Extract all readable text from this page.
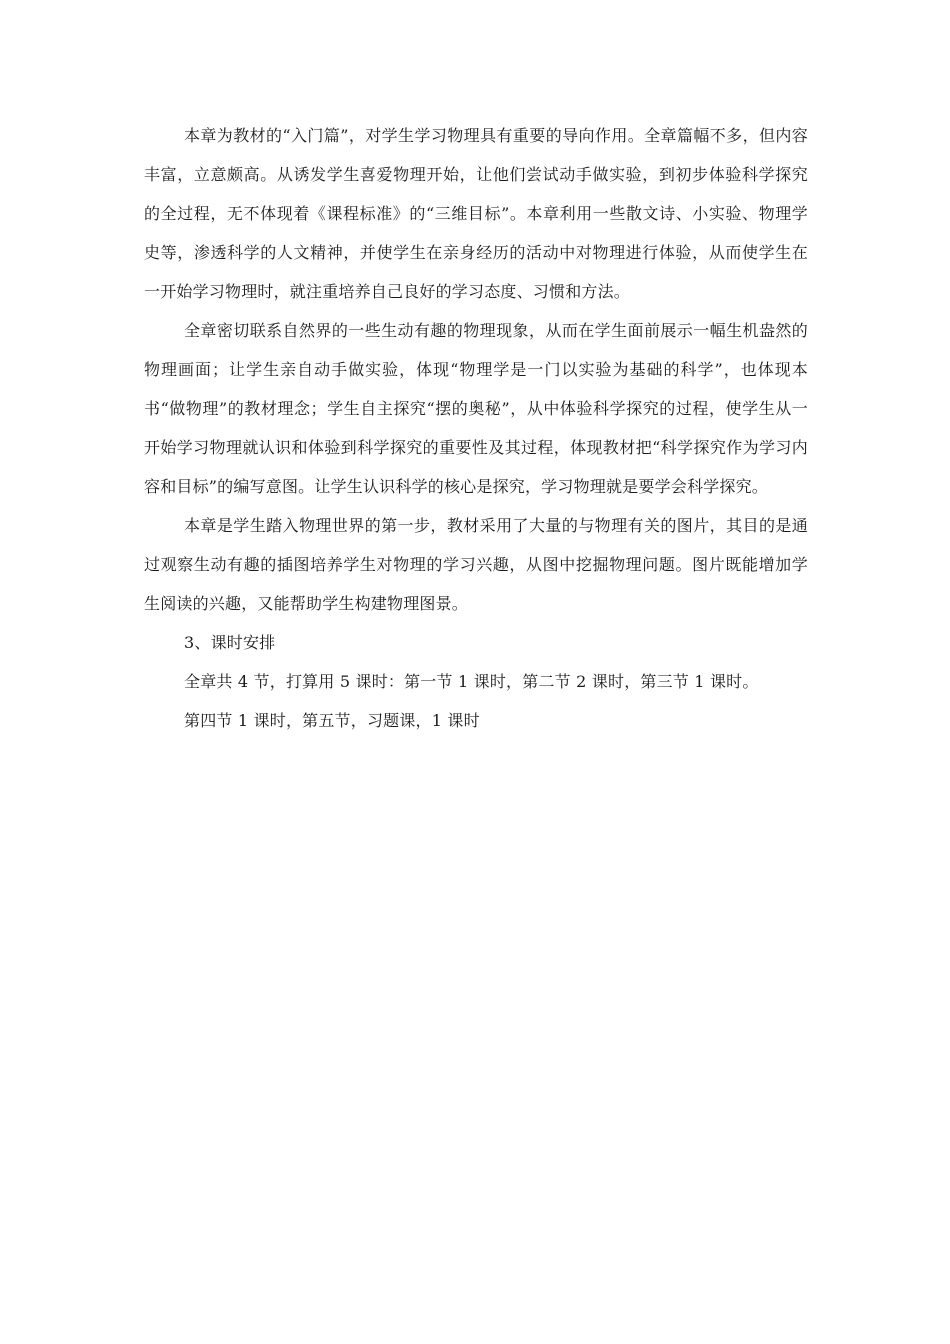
本章为教材的“入门篇”，对学生学习物理具有重要的导向作用。全章篇幅不多，但内容丰富，立意颇高。从诱发学生喜爱物理开始，让他们尝试动手做实验，到初步体验科学探究的全过程，无不体现着《课程标准》的“三维目标”。本章利用一些散文诗、小实验、物理学史等，渗透科学的人文精神，并使学生在亲身经历的活动中对物理进行体验，从而使学生在一开始学习物理时，就注重培养自己良好的学习态度、习惯和方法。

全章密切联系自然界的一些生动有趣的物理现象，从而在学生面前展示一幅生机盎然的物理画面；让学生亲自动手做实验，体现“物理学是一门以实验为基础的科学”，也体现本书“做物理”的教材理念；学生自主探究“摆的奥秘”，从中体验科学探究的过程，使学生从一开始学习物理就认识和体验到科学探究的重要性及其过程，体现教材把“科学探究作为学习内容和目标”的编写意图。让学生认识科学的核心是探究，学习物理就是要学会科学探究。

本章是学生踏入物理世界的第一步，教材采用了大量的与物理有关的图片，其目的是通过观察生动有趣的插图培养学生对物理的学习兴趣，从图中挖掘物理问题。图片既能增加学生阅读的兴趣，又能帮助学生构建物理图景。

3、课时安排

全章共 4 节，打算用 5 课时：第一节 1 课时，第二节 2 课时，第三节 1 课时。

第四节 1 课时，第五节，习题课，1 课时
